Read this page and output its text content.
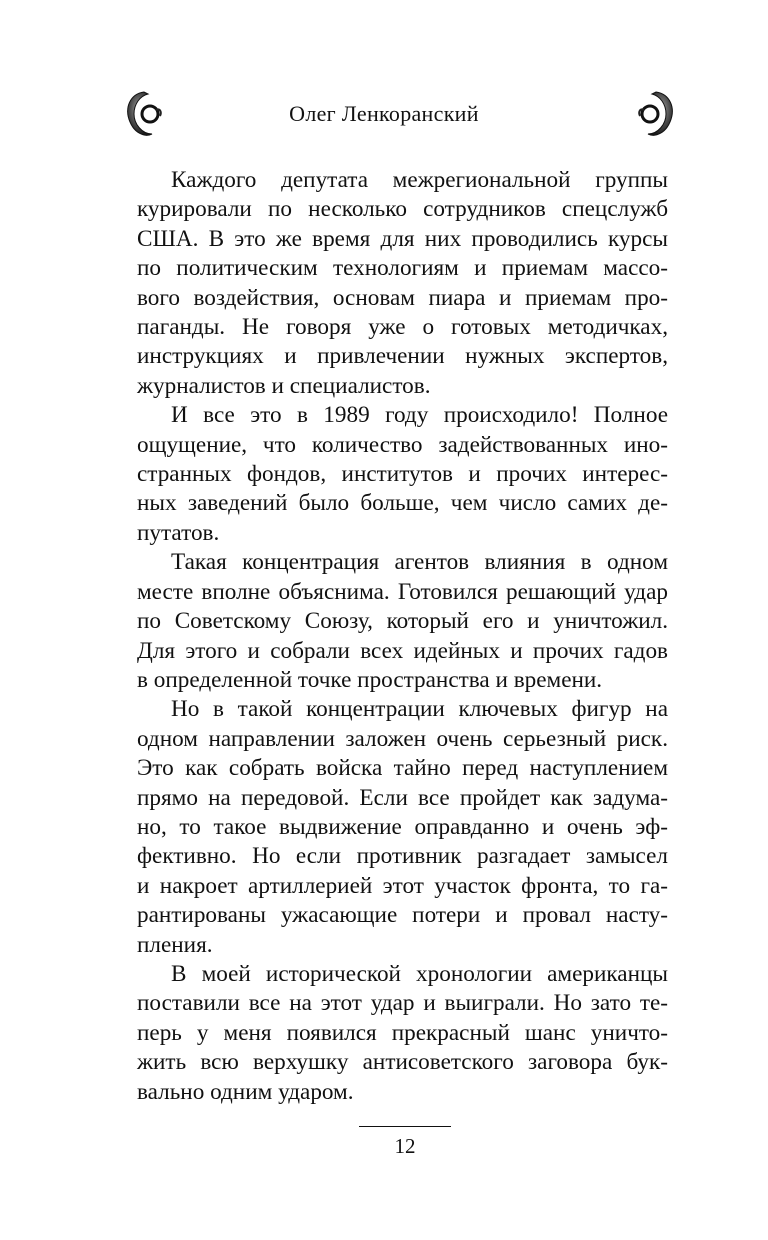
Олег Ленкоранский

Каждого депутата межрегиональной группы
курировали по несколько сотрудников спецслужб
США. В это же время для них проводились курсы
по политическим технологиям и приемам массо-
вого воздействия, основам пиара и приемам про-
паганды. Не говоря уже о готовых методичках,
инструкциях и привлечении нужных экспертов,
журналистов и специалистов.

И все это в 1989 году происходило! Полное
ощущение, что количество задействованных ино-
странных фондов, институтов и прочих интерес-
ных заведений было больше, чем число самих де-
путатов.

Такая концентрация агентов влияния в одном
месте вполне объяснима. Готовился решающий удар
по Советскому Союзу, который его и уничтожил.
Для этого и собрали всех идейных и прочих гадов
в определенной точке пространства и времени.

Но в такой концентрации ключевых фигур на
одном направлении заложен очень серьезный риск.
Это как собрать войска тайно перед наступлением
прямо на передовой. Если все пройдет как задума-
но, то такое выдвижение оправданно и очень эф-
фективно. Но если противник разгадает замысел
и накроет артиллерией этот участок фронта, то га-
рантированы ужасающие потери и провал насту-
пления.

В моей исторической хронологии американцы
поставили все на этот удар и выиграли. Но зато те-
перь у меня появился прекрасный шанс уничто-
жить всю верхушку антисоветского заговора бук-
вально одним ударом.

12
